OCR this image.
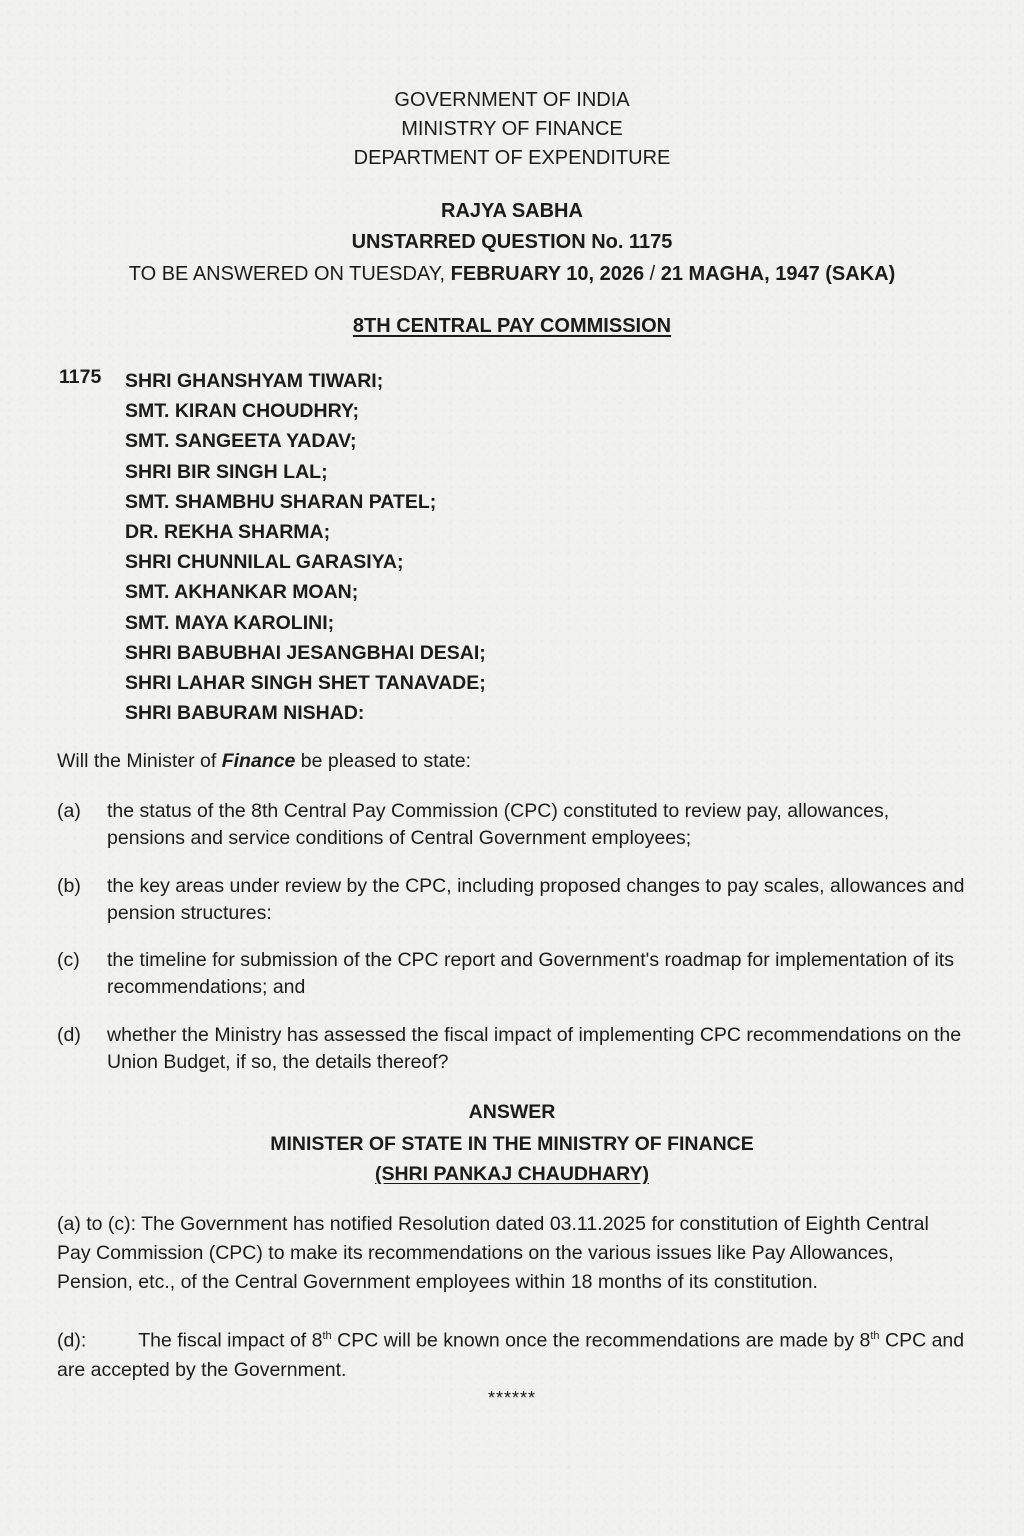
GOVERNMENT OF INDIA
MINISTRY OF FINANCE
DEPARTMENT OF EXPENDITURE
RAJYA SABHA
UNSTARRED QUESTION No. 1175
TO BE ANSWERED ON TUESDAY, FEBRUARY 10, 2026 / 21 MAGHA, 1947 (SAKA)
8TH CENTRAL PAY COMMISSION
1175	SHRI GHANSHYAM TIWARI;
SMT. KIRAN CHOUDHRY;
SMT. SANGEETA YADAV;
SHRI BIR SINGH LAL;
SMT. SHAMBHU SHARAN PATEL;
DR. REKHA SHARMA;
SHRI CHUNNILAL GARASIYA;
SMT. AKHANKAR MOAN;
SMT. MAYA KAROLINI;
SHRI BABUBHAI JESANGBHAI DESAI;
SHRI LAHAR SINGH SHET TANAVADE;
SHRI BABURAM NISHAD:
Will the Minister of Finance be pleased to state:
(a) the status of the 8th Central Pay Commission (CPC) constituted to review pay, allowances, pensions and service conditions of Central Government employees;
(b) the key areas under review by the CPC, including proposed changes to pay scales, allowances and pension structures:
(c) the timeline for submission of the CPC report and Government's roadmap for implementation of its recommendations; and
(d) whether the Ministry has assessed the fiscal impact of implementing CPC recommendations on the Union Budget, if so, the details thereof?
ANSWER
MINISTER OF STATE IN THE MINISTRY OF FINANCE
(SHRI PANKAJ CHAUDHARY)
(a) to (c): The Government has notified Resolution dated 03.11.2025 for constitution of Eighth Central Pay Commission (CPC) to make its recommendations on the various issues like Pay Allowances, Pension, etc., of the Central Government employees within 18 months of its constitution.
(d):	The fiscal impact of 8th CPC will be known once the recommendations are made by 8th CPC and are accepted by the Government.
******
